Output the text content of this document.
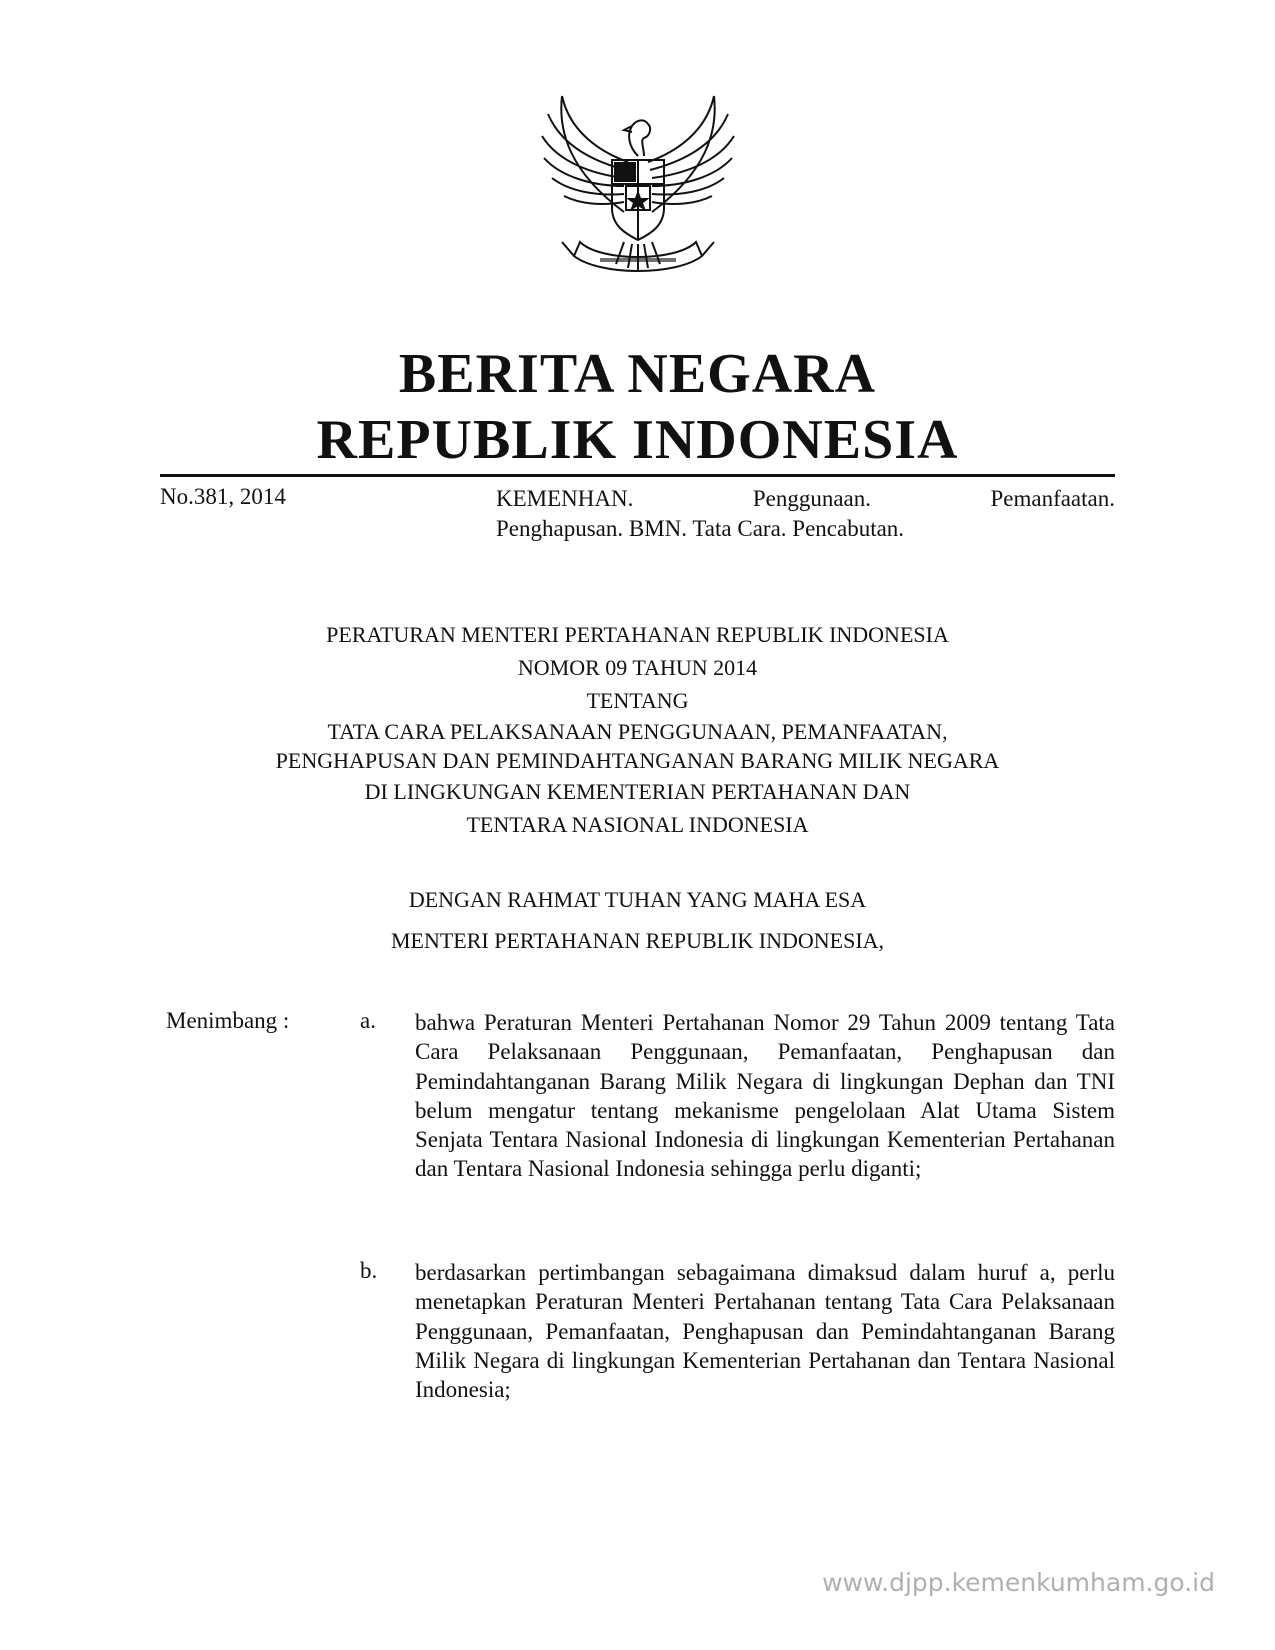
BERITA NEGARA
REPUBLIK INDONESIA
No.381, 2014	KEMENHAN. Penggunaan. Pemanfaatan.
Penghapusan. BMN. Tata Cara. Pencabutan.
PERATURAN MENTERI PERTAHANAN REPUBLIK INDONESIA
NOMOR 09 TAHUN 2014
TENTANG
TATA CARA PELAKSANAAN PENGGUNAAN, PEMANFAATAN,
PENGHAPUSAN DAN PEMINDAHTANGANAN BARANG MILIK NEGARA
DI LINGKUNGAN KEMENTERIAN PERTAHANAN DAN
TENTARA NASIONAL INDONESIA
DENGAN RAHMAT TUHAN YANG MAHA ESA
MENTERI PERTAHANAN REPUBLIK INDONESIA,
Menimbang :	a. bahwa Peraturan Menteri Pertahanan Nomor 29 Tahun 2009 tentang Tata Cara Pelaksanaan Penggunaan, Pemanfaatan, Penghapusan dan Pemindahtanganan Barang Milik Negara di lingkungan Dephan dan TNI belum mengatur tentang mekanisme pengelolaan Alat Utama Sistem Senjata Tentara Nasional Indonesia di lingkungan Kementerian Pertahanan dan Tentara Nasional Indonesia sehingga perlu diganti;
b. berdasarkan pertimbangan sebagaimana dimaksud dalam huruf a, perlu menetapkan Peraturan Menteri Pertahanan tentang Tata Cara Pelaksanaan Penggunaan, Pemanfaatan, Penghapusan dan Pemindahtanganan Barang Milik Negara di lingkungan Kementerian Pertahanan dan Tentara Nasional Indonesia;
www.djpp.kemenkumham.go.id
